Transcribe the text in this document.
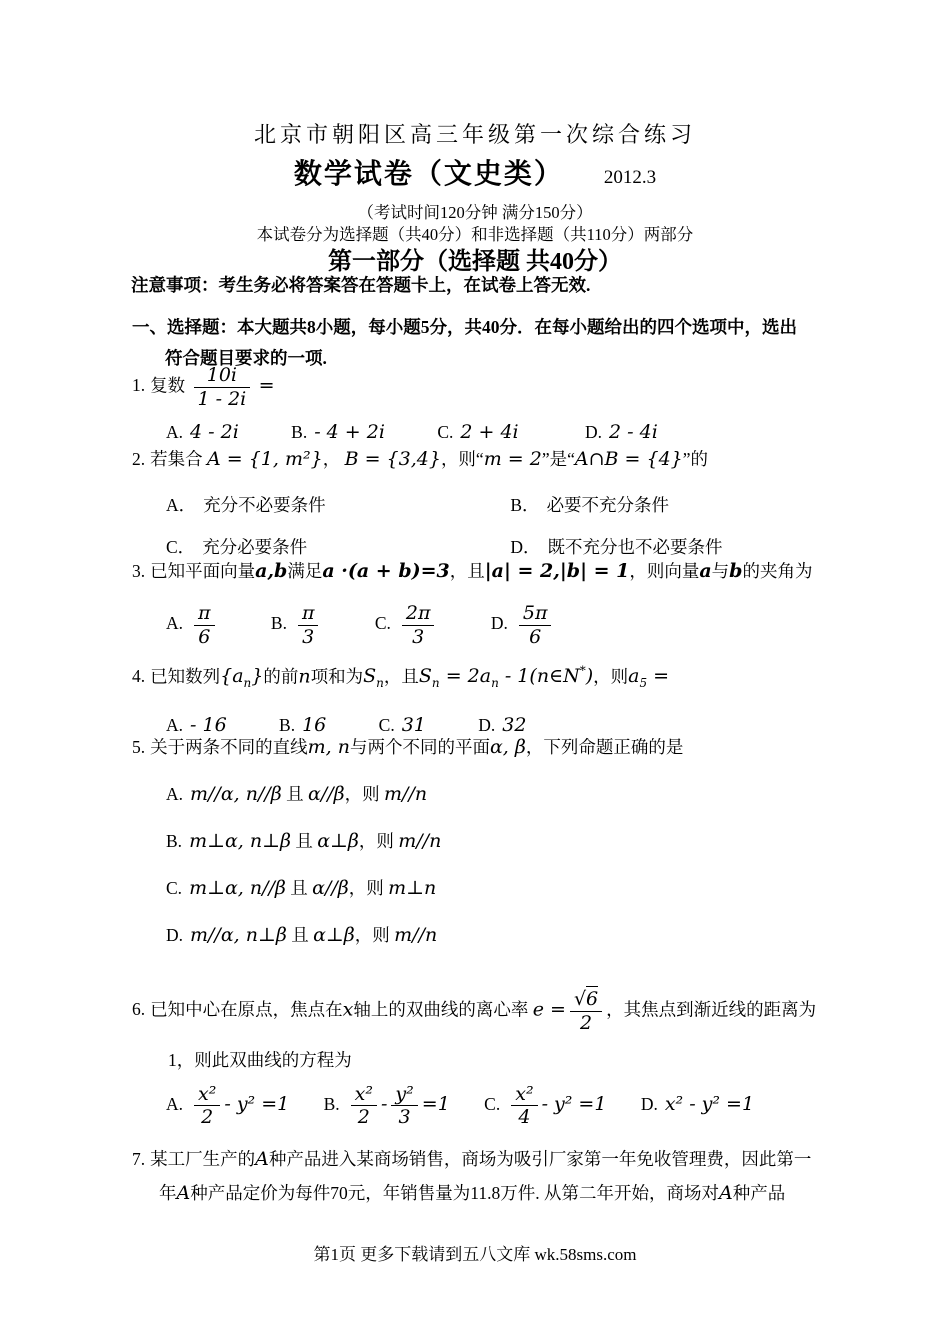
北京市朝阳区高三年级第一次综合练习
数学试卷（文史类） 2012.3
（考试时间120分钟 满分150分）
本试卷分为选择题（共40分）和非选择题（共110分）两部分
第一部分（选择题 共40分）
注意事项：考生务必将答案答在答题卡上，在试卷上答无效.
一、选择题：本大题共8小题，每小题5分，共40分．在每小题给出的四个选项中，选出
符合题目要求的一项.
1. 复数 $\frac{10i}{1 - 2i}$ =
A. 4 - 2i	B. - 4 + 2i	C. 2 + 4i	D. 2 - 4i
2. 若集合 A = {1, m²}， B = {3,4}，则“m = 2”是“A∩B = {4}”的
A． 充分不必要条件	B． 必要不充分条件
C． 充分必要条件	D． 既不充分也不必要条件
3. 已知平面向量a,b满足a ·(a + b)=3，且|a| = 2,|b| = 1，则向量a与b的夹角为
A. $\frac{\pi}{6}$	B. $\frac{\pi}{3}$	C. $\frac{2\pi}{3}$	D. $\frac{5\pi}{6}$
4. 已知数列$\{a_n\}$的前n项和为$S_n$，且$S_n = 2a_n$ - 1(n∈N*)，则$a_5$ =
A. - 16	B. 16	C. 31	D. 32
5. 关于两条不同的直线m, n与两个不同的平面α, β，下列命题正确的是
A. m//α, n//β 且 α//β，则 m//n
B. m⊥α, n⊥β 且 α⊥β，则 m//n
C. m⊥α, n//β 且 α//β，则 m⊥n
D. m//α, n⊥β 且 α⊥β，则 m//n
6. 已知中心在原点，焦点在x轴上的双曲线的离心率 $e = \frac{√6}{2}$ ，其焦点到渐近线的距离为
1，则此双曲线的方程为
A. $\frac{\text{x²}}{2} - y^2 =1$ B. $\frac{\text{x²}}{2} - \frac{\text{y²}}{3} =1$ C. $\frac{\text{x²}}{4} - y^2 =1$ D. x² - y² =1
7. 某工厂生产的A种产品进入某商场销售，商场为吸引厂家第一年免收管理费，因此第一
年A种产品定价为每件70元，年销售量为11.8万件. 从第二年开始，商场对A种产品
第1页 更多下载请到五八文库 wk.58sms.com
